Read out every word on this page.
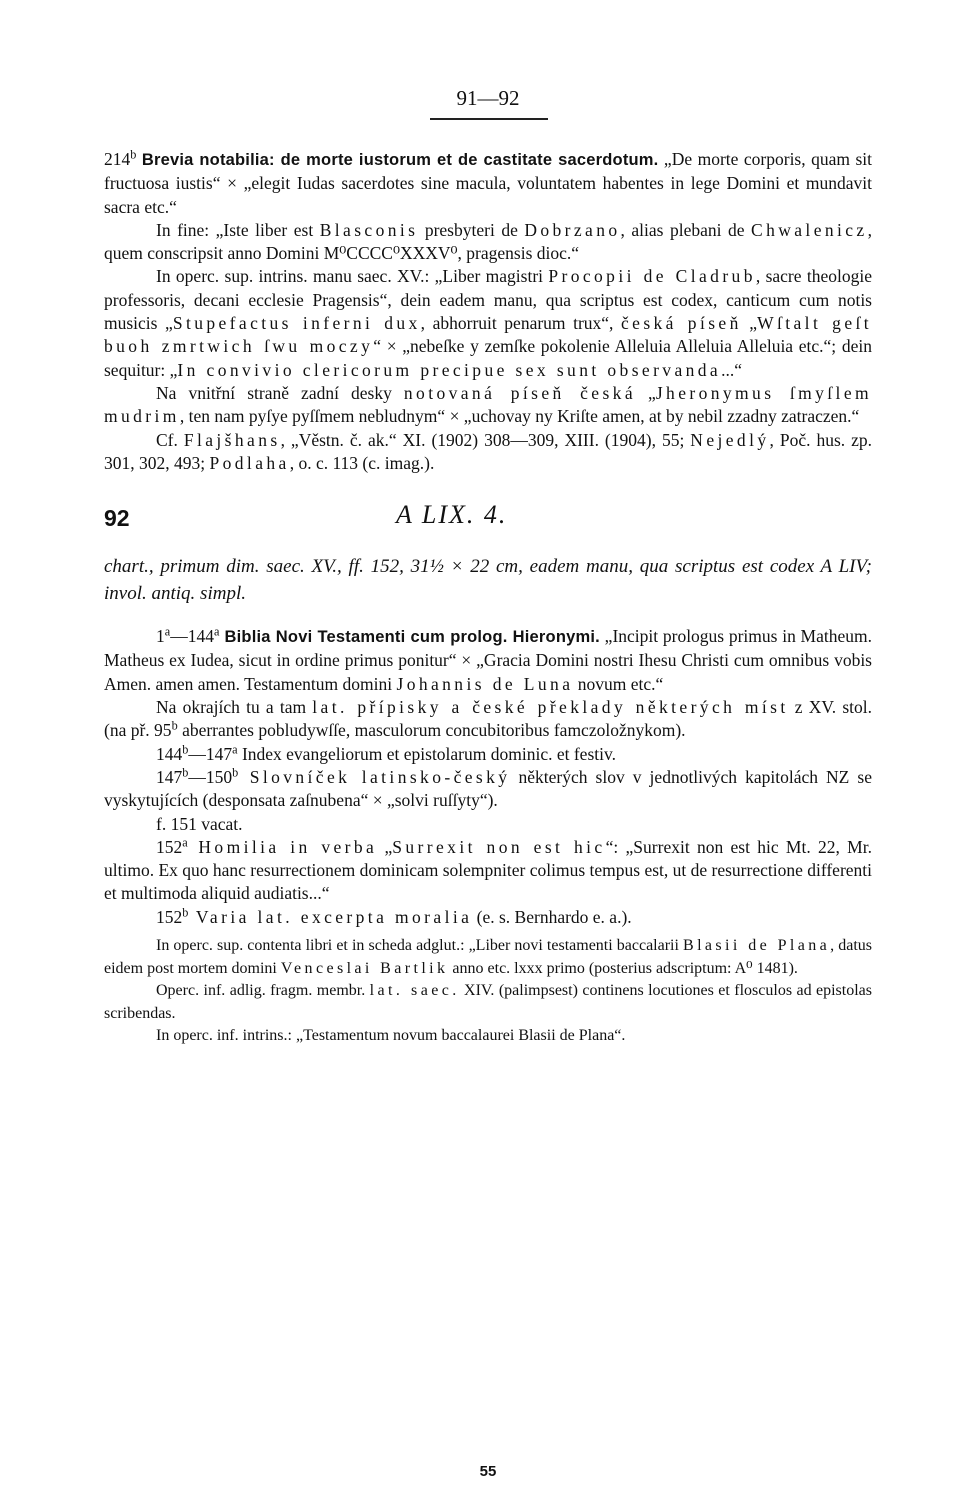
91—92

214$^b$ Brevia notabilia: de morte iustorum et de castitate sacerdotum. „De morte corporis, quam sit fructuosa iustis“ × „elegit Iudas sacerdotes sine macula, voluntatem habentes in lege Domini et mundavit sacra etc.“

In fine: „Iste liber est Blasconis presbyteri de Dobrzano, alias plebani de Chwalenicz, quem conscripsit anno Domini M⁰CCCC⁰XXXV⁰, pragensis dioc.“

In operc. sup. intrins. manu saec. XV.: „Liber magistri Procopii de Cladrub, sacre theologie professoris, decani ecclesie Pragensis“, dein eadem manu, qua scriptus est codex, canticum cum notis musicis „Stupefactus inferni dux, abhorruit penarum trux“, česká píseň „Wſtalt geſt buoh zmrtwich ſwu moczy“ × „nebeſke y zemſke pokolenie Alleluia Alleluia Alleluia etc.“; dein sequitur: „In convivio clericorum precipue sex sunt observanda...“

Na vnitřní straně zadní desky notovaná píseň česká „Jheronymus ſmyſlem mudrim, ten nam pyſye pyſſmem nebludnym“ × „uchovay ny Kriſte amen, at by nebil zzadny zatraczen.“

Cf. Flajšhans, „Věstn. č. ak.“ XI. (1902) 308—309, XIII. (1904), 55; Nejedlý, Poč. hus. zp. 301, 302, 493; Podlaha, o. c. 113 (c. imag.).

92	A LIX. 4.

chart., primum dim. saec. XV., ff. 152, 31½ × 22 cm, eadem manu, qua scriptus est codex A LIV; invol. antiq. simpl.

1$^a$—144$^a$ Biblia Novi Testamenti cum prolog. Hieronymi. „Incipit prologus primus in Matheum. Matheus ex Iudea, sicut in ordine primus ponitur“ × „Gracia Domini nostri Ihesu Christi cum omnibus vobis Amen. amen amen. Testamentum domini Johannis de Luna novum etc.“

Na okrajích tu a tam lat. přípisky a české překlady některých míst z XV. stol. (na př. 95$^b$ aberrantes pobludywſſe, masculorum concubitoribus famczoložnykom).

144$^b$—147$^a$ Index evangeliorum et epistolarum dominic. et festiv.

147$^b$—150$^b$ Slovníček latinsko-český některých slov v jednotlivých kapitolách NZ se vyskytujících (desponsata zaſnubena“ × „solvi ruſſyty“).

f. 151 vacat.

152$^a$ Homilia in verba „Surrexit non est hic“: „Surrexit non est hic Mt. 22, Mr. ultimo. Ex quo hanc resurrectionem dominicam solempniter colimus tempus est, ut de resurrectione differenti et multimoda aliquid audiatis...“

152$^b$ Varia lat. excerpta moralia (e. s. Bernhardo e. a.).

In operc. sup. contenta libri et in scheda adglut.: „Liber novi testamenti baccalarii Blasii de Plana, datus eidem post mortem domini Venceslai Bartlik anno etc. lxxx primo (posterius adscriptum: A⁰ 1481).

Operc. inf. adlig. fragm. membr. lat. saec. XIV. (palimpsest) continens locutiones et flosculos ad epistolas scribendas.

In operc. inf. intrins.: „Testamentum novum baccalaurei Blasii de Plana“.

55
